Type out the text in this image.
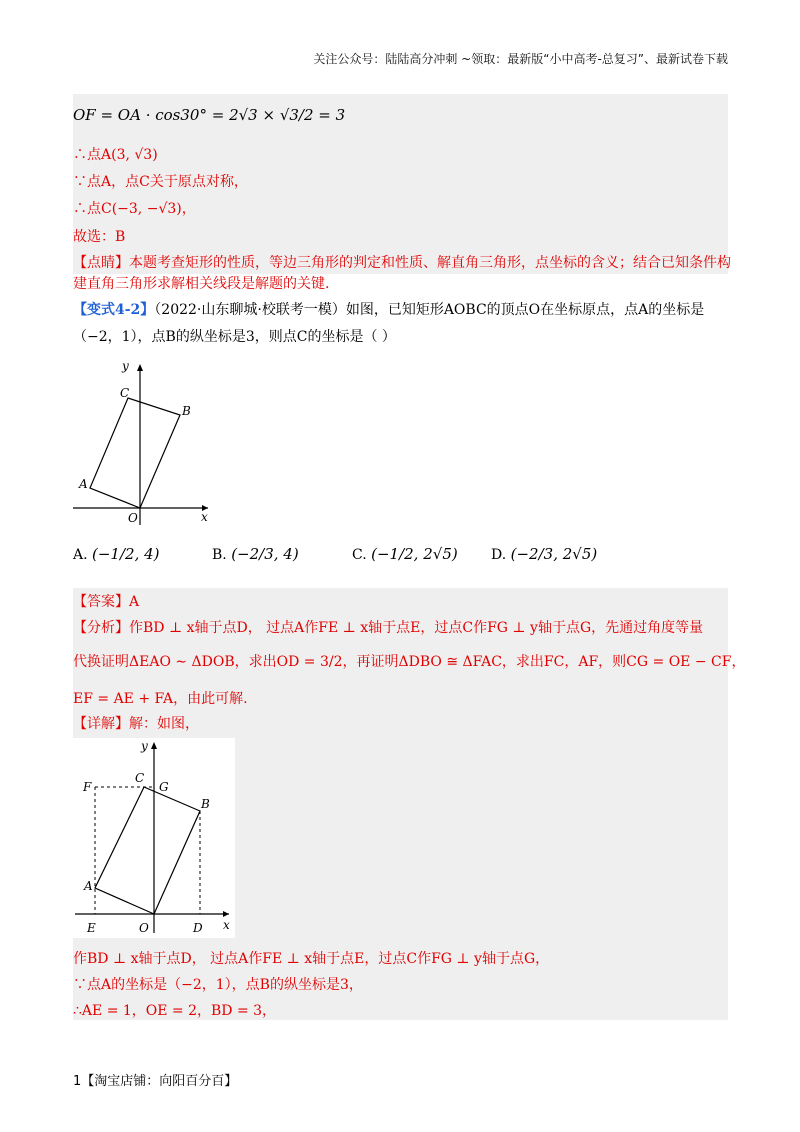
关注公众号：陆陆高分冲刺 ~领取：最新版“小中高考-总复习”、最新试卷下载
OF = OA · cos30° = 2√3 × √3/2 = 3
∴点A(3, √3)
∵点A，点C关于原点对称，
∴点C(−3, −√3)，
故选：B
【点睛】本题考查矩形的性质，等边三角形的判定和性质、解直角三角形，点坐标的含义；结合已知条件构
建直角三角形求解相关线段是解题的关键.
【变式4-2】（2022·山东聊城·校联考一模）如图，已知矩形AOBC的顶点O在坐标原点，点A的坐标是
（−2，1），点B的纵坐标是3，则点C的坐标是（ ）
y
x
O
A
B
C
A. (−1/2, 4)	B. (−2/3, 4)	C. (−1/2, 2√5) D. (−2/3, 2√5)
【答案】A
【分析】作BD ⊥ x轴于点D， 过点A作FE ⊥ x轴于点E，过点C作FG ⊥ y轴于点G，先通过角度等量
代换证明ΔEAO ∼ ΔDOB，求出OD = 3/2，再证明ΔDBO ≅ ΔFAC，求出FC，AF，则CG = OE − CF，
EF = AE + FA，由此可解.
【详解】解：如图，
y
x
O
A
B
C
E	D
F	G
作BD ⊥ x轴于点D， 过点A作FE ⊥ x轴于点E，过点C作FG ⊥ y轴于点G，
∵点A的坐标是（−2，1），点B的纵坐标是3，
∴AE = 1，OE = 2，BD = 3，
1【淘宝店铺：向阳百分百】
